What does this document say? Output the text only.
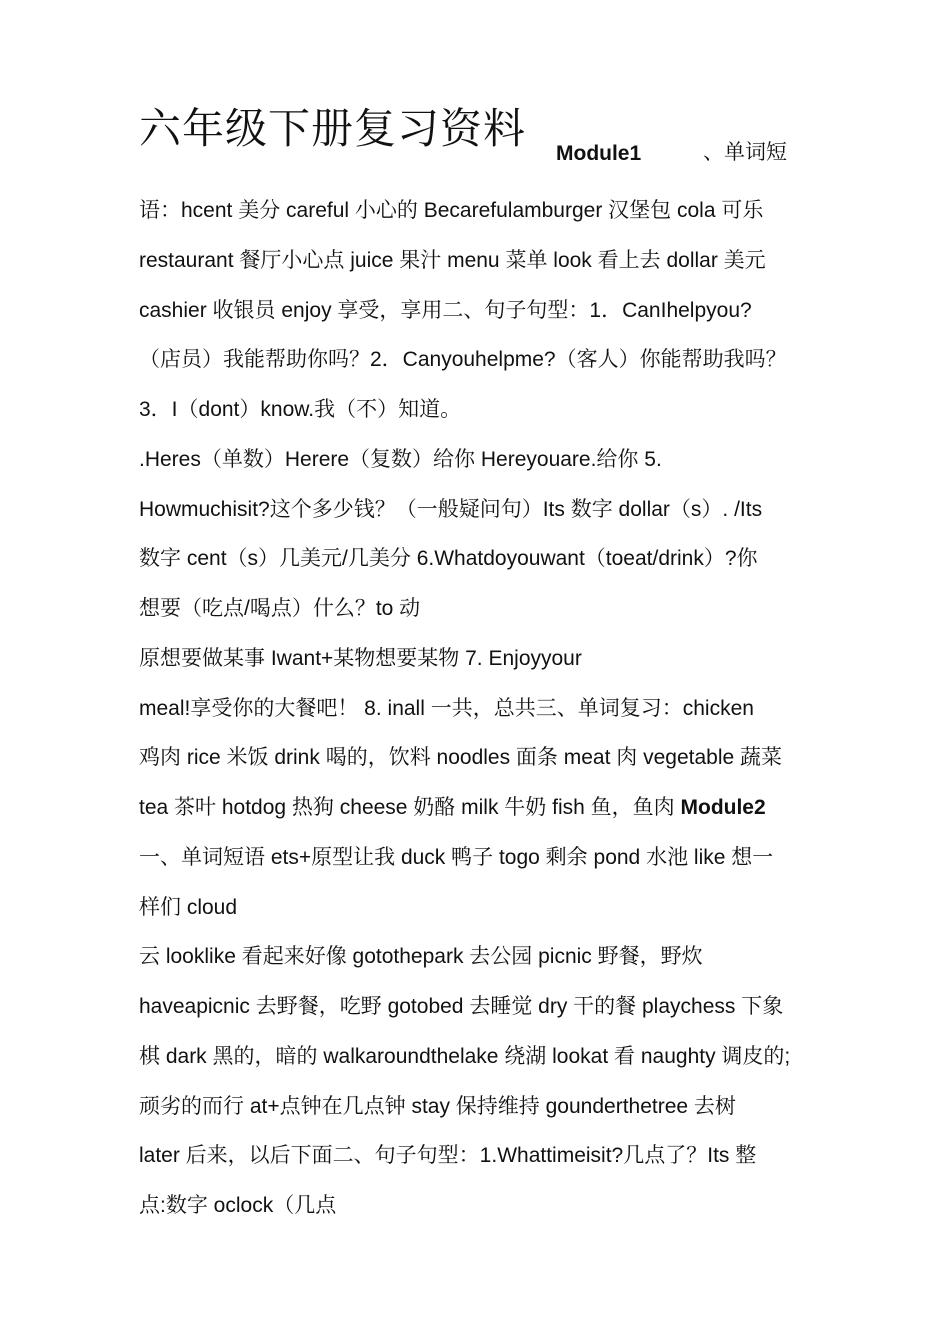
六年级下册复习资料
Module1	、单词短
语：hcent 美分 careful 小心的 Becarefulamburger 汉堡包 cola 可乐
restaurant 餐厅小心点 juice 果汁 menu 菜单 look 看上去 dollar 美元
cashier 收银员 enjoy 享受，享用二、句子句型：1．CanIhelpyou?
（店员）我能帮助你吗？2．Canyouhelpme?（客人）你能帮助我吗？
3．I（dont）know.我（不）知道。
.Heres（单数）Herere（复数）给你 Hereyouare.给你 5.
Howmuchisit?这个多少钱？（一般疑问句）Its 数字 dollar（s）. /Its
数字 cent（s）几美元/几美分 6.Whatdoyouwant（toeat/drink）?你
想要（吃点/喝点）什么？to 动
原想要做某事 Iwant+某物想要某物 7. Enjoyyour
meal!享受你的大餐吧！ 8. inall 一共，总共三、单词复习：chicken
鸡肉 rice 米饭 drink 喝的，饮料 noodles 面条 meat 肉 vegetable 蔬菜
tea 茶叶 hotdog 热狗 cheese 奶酪 milk 牛奶 fish 鱼，鱼肉 Module2
一、单词短语 ets+原型让我 duck 鸭子 togo 剩余 pond 水池 like 想一
样们 cloud
云 looklike 看起来好像 gotothepark 去公园 picnic 野餐，野炊
haveapicnic 去野餐，吃野 gotobed 去睡觉 dry 干的餐 playchess 下象
棋 dark 黑的，暗的 walkaroundthelake 绕湖 lookat 看 naughty 调皮的;
顽劣的而行 at+点钟在几点钟 stay 保持维持 gounderthetree 去树
later 后来，以后下面二、句子句型：1.Whattimeisit?几点了？Its 整
点:数字 oclock（几点
